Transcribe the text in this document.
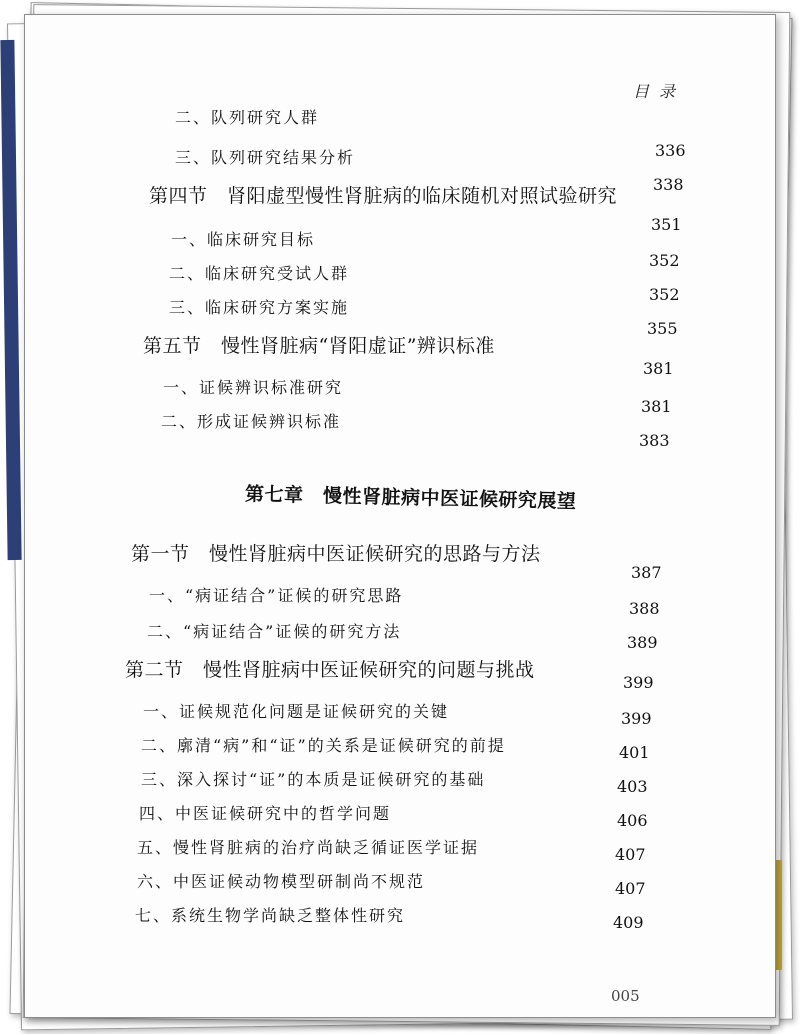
目录
二、队列研究人群
三、队列研究结果分析
第四节　肾阳虚型慢性肾脏病的临床随机对照试验研究
一、临床研究目标
二、临床研究受试人群
三、临床研究方案实施
第五节　慢性肾脏病“肾阳虚证”辨识标准
一、证候辨识标准研究
二、形成证候辨识标准
336
338
351
352
352
355
381
381
383
第七章　慢性肾脏病中医证候研究展望
第一节　慢性肾脏病中医证候研究的思路与方法
一、“病证结合”证候的研究思路
二、“病证结合”证候的研究方法
第二节　慢性肾脏病中医证候研究的问题与挑战
一、证候规范化问题是证候研究的关键
二、廓清“病”和“证”的关系是证候研究的前提
三、深入探讨“证”的本质是证候研究的基础
四、中医证候研究中的哲学问题
五、慢性肾脏病的治疗尚缺乏循证医学证据
六、中医证候动物模型研制尚不规范
七、系统生物学尚缺乏整体性研究
387
388
389
399
399
401
403
406
407
407
409
005
